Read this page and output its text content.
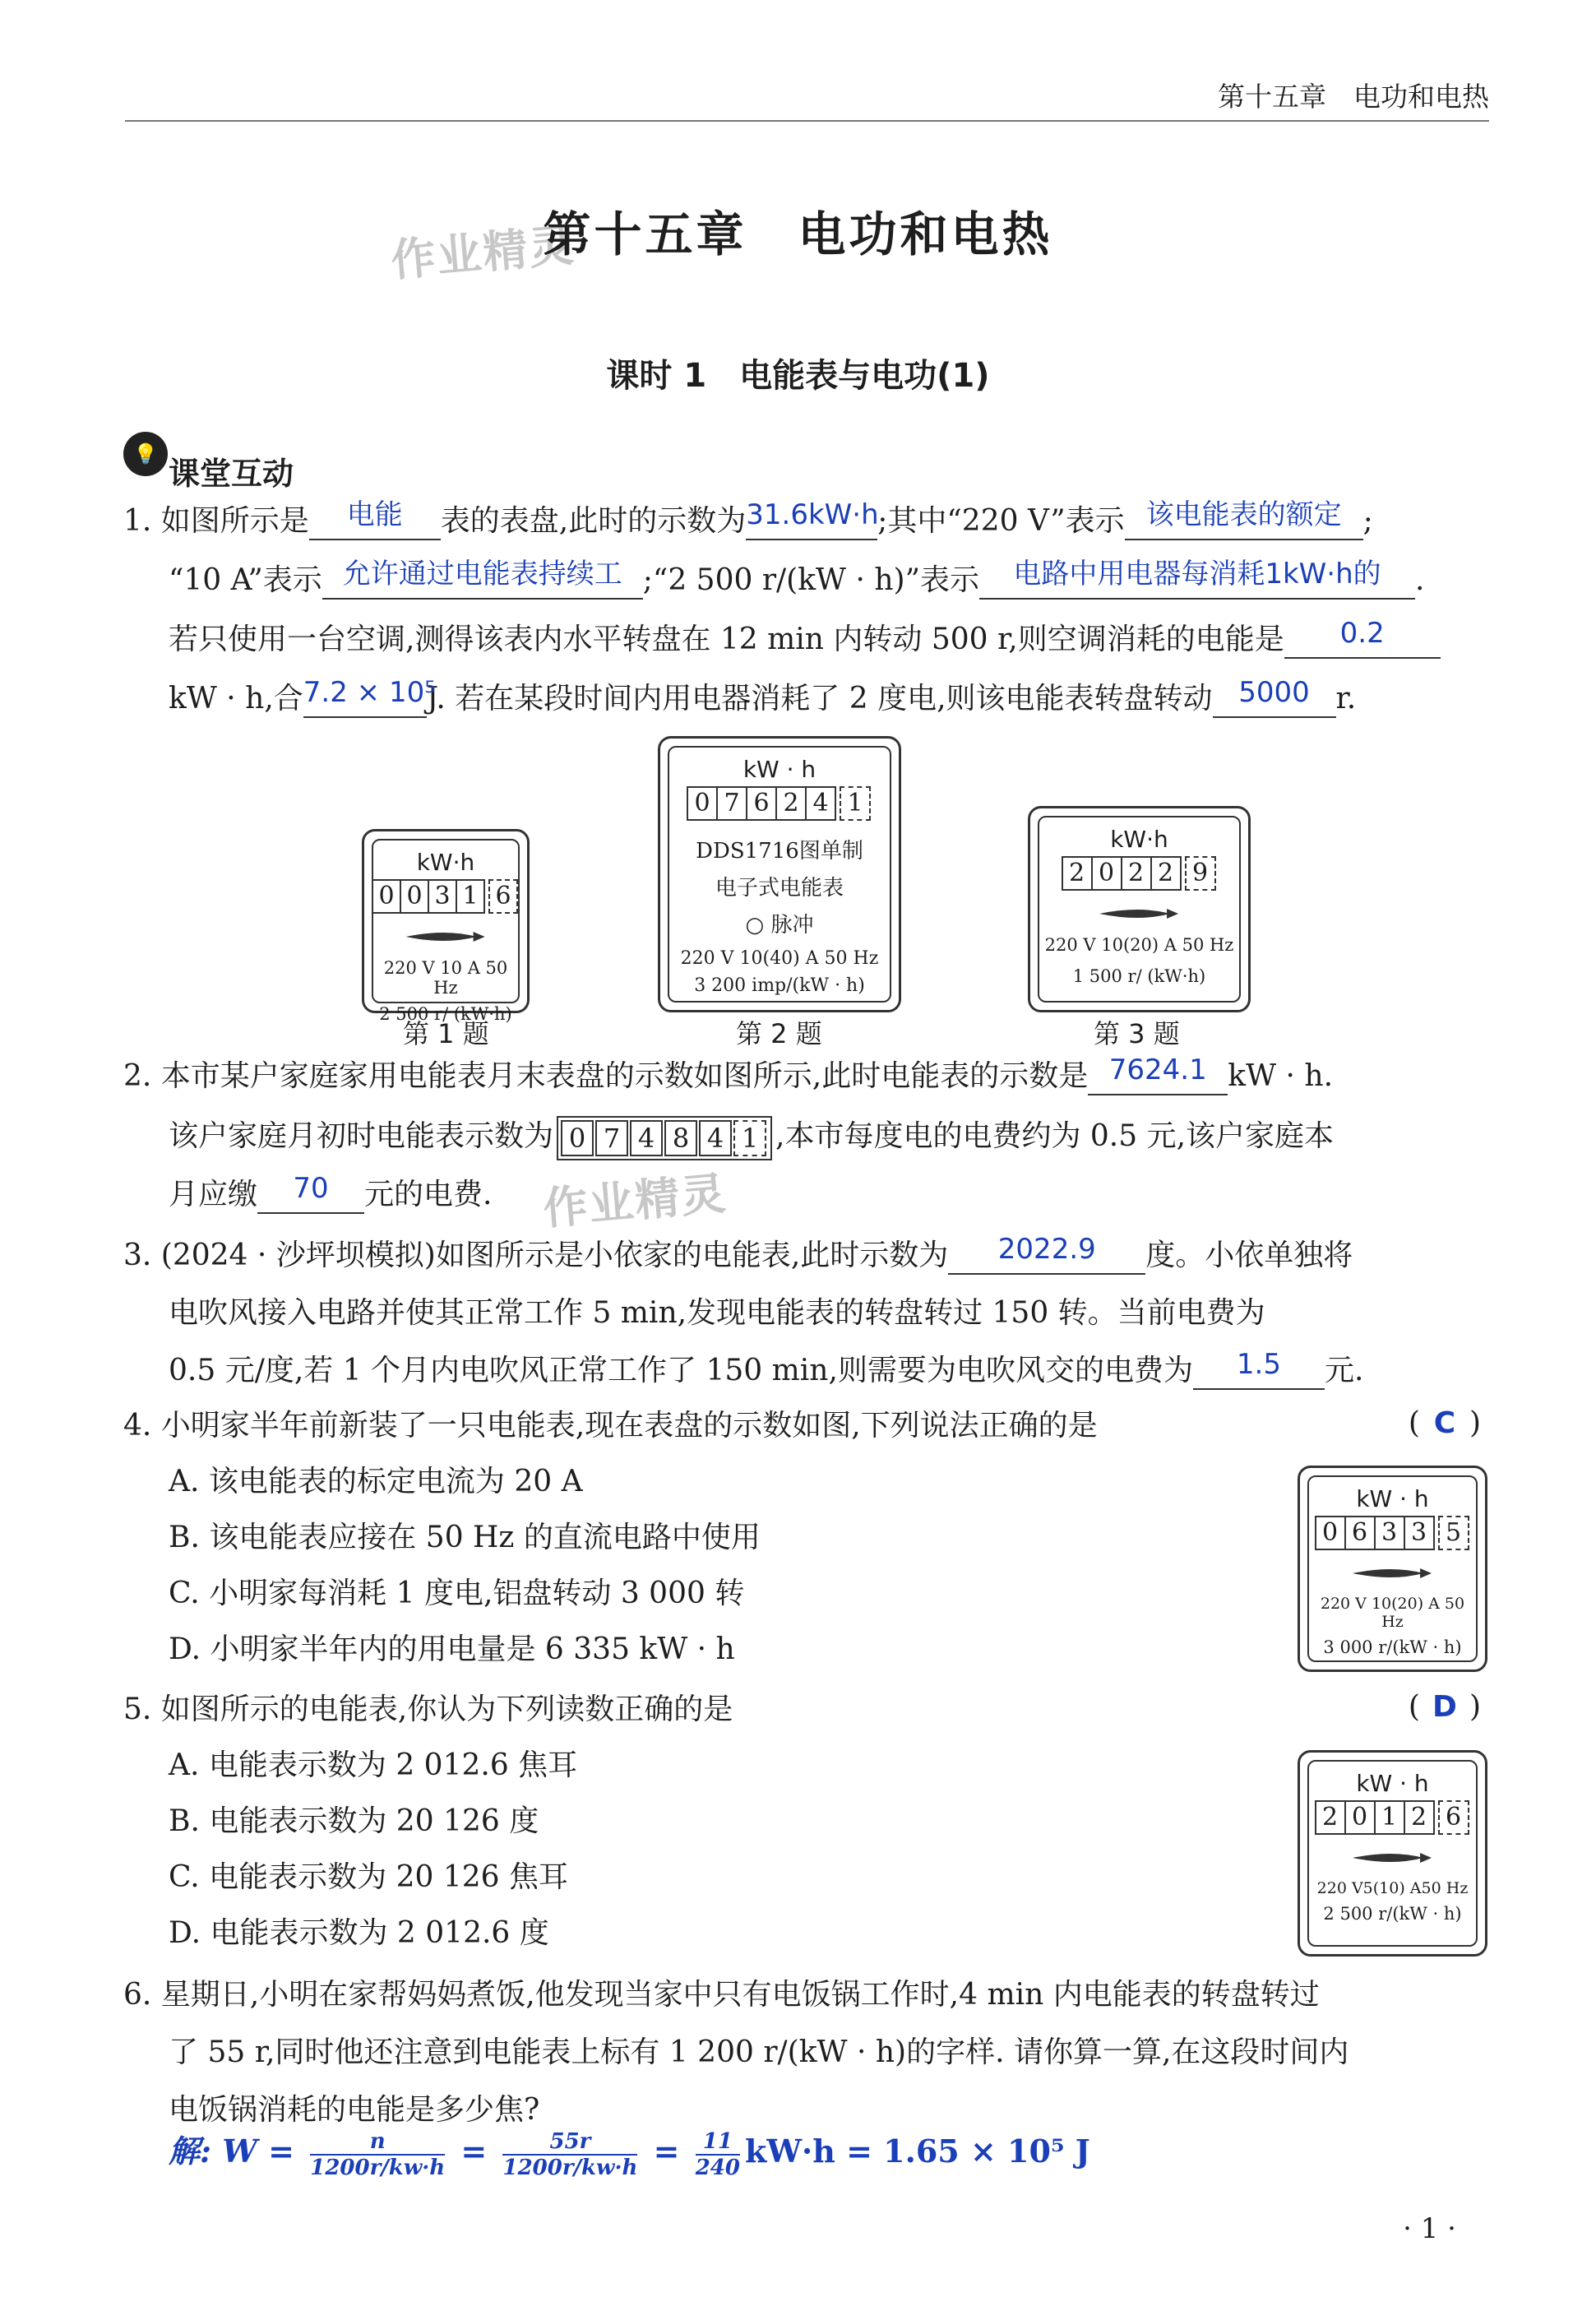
第十五章　电功和电热
作业精灵
作业精灵
第十五章　电功和电热
课时 1　电能表与电功(1)
💡
课堂互动
1. 如图所示是 电能 表的表盘,此时的示数为31.6kW·h;其中“220 V”表示 该电能表的额定 ;
“10 A”表示 允许通过电能表持续工 ;“2 500 r/(kW · h)”表示 电路中用电器每消耗1kW·h的 .
若只使用一台空调,测得该表内水平转盘在 12 min 内转动 500 r,则空调消耗的电能是 0.2
kW · h,合7.2 × 10⁵J. 若在某段时间内用电器消耗了 2 度电,则该电能表转盘转动 5000 r.
kW·h
0 0 3 1 6
220 V 10 A 50 Hz
2 500 r/ (kW·h)
第 1 题
kW · h
0 7 6 2 4 1
DDS1716图单制
电子式电能表
○ 脉冲
220 V 10(40) A 50 Hz
3 200 imp/(kW · h)
第 2 题
kW·h
2 0 2 2 9
220 V 10(20) A 50 Hz
1 500 r/ (kW·h)
第 3 题
2. 本市某户家庭家用电能表月末表盘的示数如图所示,此时电能表的示数是 7624.1 kW · h.
该户家庭月初时电能表示数为 0 7 4 8 4 1 ,本市每度电的电费约为 0.5 元,该户家庭本
月应缴 70 元的电费.
3. (2024 · 沙坪坝模拟)如图所示是小依家的电能表,此时示数为 2022.9 度。小依单独将
电吹风接入电路并使其正常工作 5 min,发现电能表的转盘转过 150 转。当前电费为
0.5 元/度,若 1 个月内电吹风正常工作了 150 min,则需要为电吹风交的电费为 1.5 元.
4. 小明家半年前新装了一只电能表,现在表盘的示数如图,下列说法正确的是	( C )
A. 该电能表的标定电流为 20 A
B. 该电能表应接在 50 Hz 的直流电路中使用
C. 小明家每消耗 1 度电,铝盘转动 3 000 转
D. 小明家半年内的用电量是 6 335 kW · h
kW · h
0 6 3 3 5
220 V 10(20) A 50 Hz
3 000 r/(kW · h)
5. 如图所示的电能表,你认为下列读数正确的是	( D )
A. 电能表示数为 2 012.6 焦耳
B. 电能表示数为 20 126 度
C. 电能表示数为 20 126 焦耳
D. 电能表示数为 2 012.6 度
kW · h
2 0 1 2 6
220 V5(10) A50 Hz
2 500 r/(kW · h)
6. 星期日,小明在家帮妈妈煮饭,他发现当家中只有电饭锅工作时,4 min 内电能表的转盘转过
了 55 r,同时他还注意到电能表上标有 1 200 r/(kW · h)的字样. 请你算一算,在这段时间内
电饭锅消耗的电能是多少焦?
解: $W = \frac{n}{1200r/kw\cdot h} = \frac{55r}{1200r/kw\cdot h} = \frac{11}{240} kW\cdot h = 1.65 \times 10^5$ J
· 1 ·
